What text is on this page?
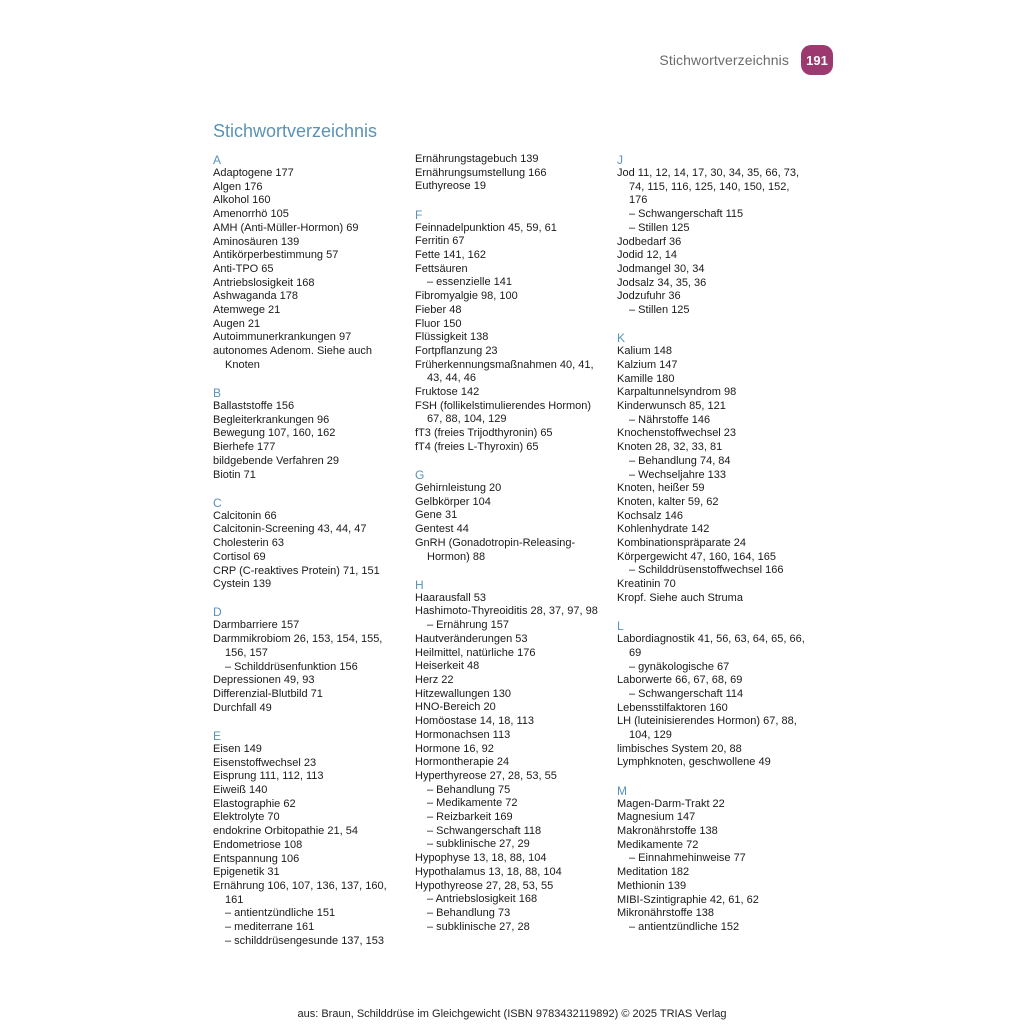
Stichwortverzeichnis	191
Stichwortverzeichnis
A
Adaptogene 177
Algen 176
Alkohol 160
Amenorrhö 105
AMH (Anti-Müller-Hormon) 69
Aminosäuren 139
Antikörperbestimmung 57
Anti-TPO 65
Antriebslosigkeit 168
Ashwaganda 178
Atemwege 21
Augen 21
Autoimmunerkrankungen 97
autonomes Adenom. Siehe auch Knoten
B
Ballaststoffe 156
Begleiterkrankungen 96
Bewegung 107, 160, 162
Bierhefe 177
bildgebende Verfahren 29
Biotin 71
C
Calcitonin 66
Calcitonin-Screening 43, 44, 47
Cholesterin 63
Cortisol 69
CRP (C-reaktives Protein) 71, 151
Cystein 139
D
Darmbarriere 157
Darmmikrobiom 26, 153, 154, 155, 156, 157
– Schilddrüsenfunktion 156
Depressionen 49, 93
Differenzial-Blutbild 71
Durchfall 49
E
Eisen 149
Eisenstoffwechsel 23
Eisprung 111, 112, 113
Eiweiß 140
Elastographie 62
Elektrolyte 70
endokrine Orbitopathie 21, 54
Endometriose 108
Entspannung 106
Epigenetik 31
Ernährung 106, 107, 136, 137, 160, 161
– antientzündliche 151
– mediterrane 161
– schilddrüsengesunde 137, 153
Ernährungstagebuch 139
Ernährungsumstellung 166
Euthyreose 19
F
Feinnadelpunktion 45, 59, 61
Ferritin 67
Fette 141, 162
Fettsäuren
– essenzielle 141
Fibromyalgie 98, 100
Fieber 48
Fluor 150
Flüssigkeit 138
Fortpflanzung 23
Früherkennungsmaßnahmen 40, 41, 43, 44, 46
Fruktose 142
FSH (follikelstimulierendes Hormon) 67, 88, 104, 129
fT3 (freies Trijodthyronin) 65
fT4 (freies L-Thyroxin) 65
G
Gehirnleistung 20
Gelbkörper 104
Gene 31
Gentest 44
GnRH (Gonadotropin-Releasing-Hormon) 88
H
Haarausfall 53
Hashimoto-Thyreoiditis 28, 37, 97, 98
– Ernährung 157
Hautveränderungen 53
Heilmittel, natürliche 176
Heiserkeit 48
Herz 22
Hitzewallungen 130
HNO-Bereich 20
Homöostase 14, 18, 113
Hormonachsen 113
Hormone 16, 92
Hormontherapie 24
Hyperthyreose 27, 28, 53, 55
– Behandlung 75
– Medikamente 72
– Reizbarkeit 169
– Schwangerschaft 118
– subklinische 27, 29
Hypophyse 13, 18, 88, 104
Hypothalamus 13, 18, 88, 104
Hypothyreose 27, 28, 53, 55
– Antriebslosigkeit 168
– Behandlung 73
– subklinische 27, 28
J
Jod 11, 12, 14, 17, 30, 34, 35, 66, 73, 74, 115, 116, 125, 140, 150, 152, 176
– Schwangerschaft 115
– Stillen 125
Jodbedarf 36
Jodid 12, 14
Jodmangel 30, 34
Jodsalz 34, 35, 36
Jodzufuhr 36
– Stillen 125
K
Kalium 148
Kalzium 147
Kamille 180
Karpaltunnelsyndrom 98
Kinderwunsch 85, 121
– Nährstoffe 146
Knochenstoffwechsel 23
Knoten 28, 32, 33, 81
– Behandlung 74, 84
– Wechseljahre 133
Knoten, heißer 59
Knoten, kalter 59, 62
Kochsalz 146
Kohlenhydrate 142
Kombinationspräparate 24
Körpergewicht 47, 160, 164, 165
– Schilddrüsenstoffwechsel 166
Kreatinin 70
Kropf. Siehe auch Struma
L
Labordiagnostik 41, 56, 63, 64, 65, 66, 69
– gynäkologische 67
Laborwerte 66, 67, 68, 69
– Schwangerschaft 114
Lebensstilfaktoren 160
LH (luteinisierendes Hormon) 67, 88, 104, 129
limbisches System 20, 88
Lymphknoten, geschwollene 49
M
Magen-Darm-Trakt 22
Magnesium 147
Makronährstoffe 138
Medikamente 72
– Einnahmehinweise 77
Meditation 182
Methionin 139
MIBI-Szintigraphie 42, 61, 62
Mikronährstoffe 138
– antientzündliche 152
aus: Braun, Schilddrüse im Gleichgewicht (ISBN 9783432119892) © 2025 TRIAS Verlag
